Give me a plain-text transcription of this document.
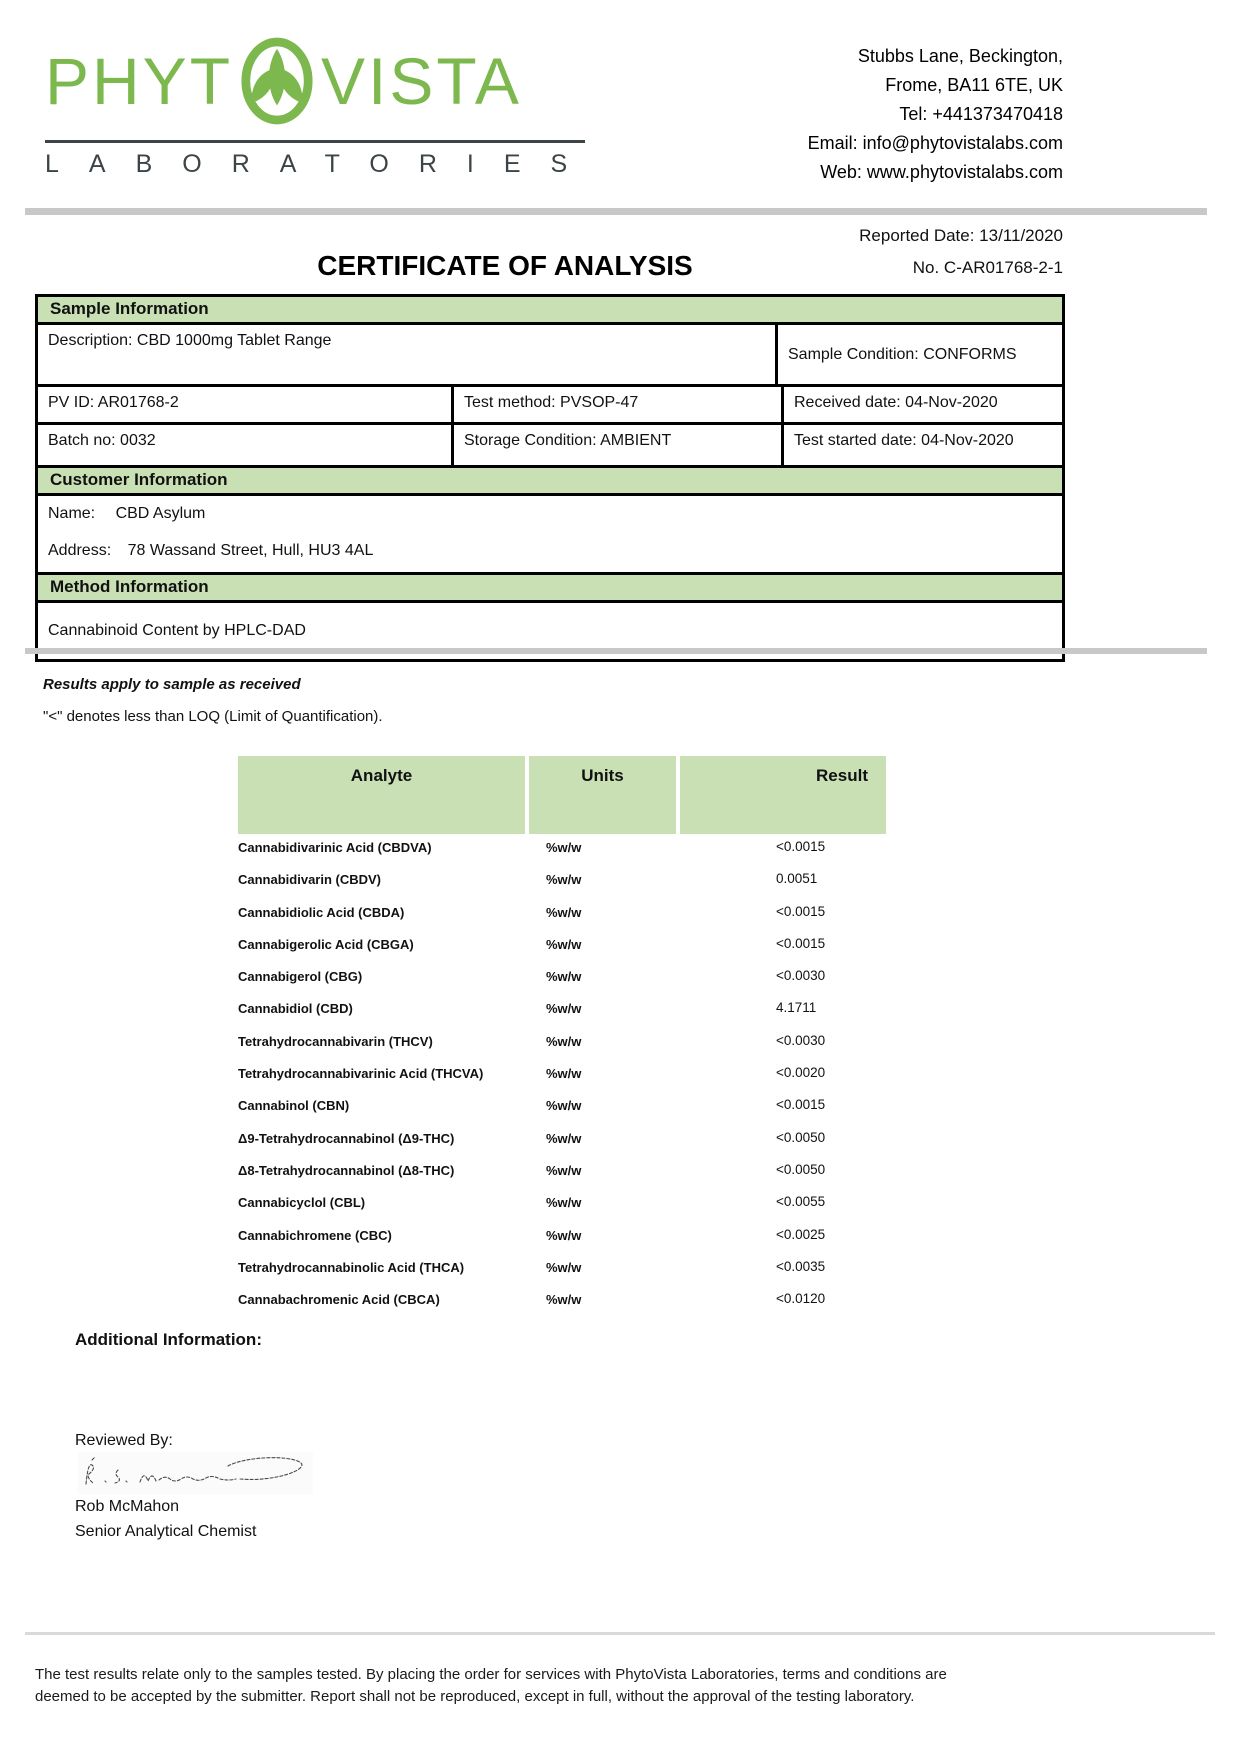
PHYT VISTA
LABORATORIES
Stubbs Lane, Beckington,
Frome, BA11 6TE, UK
Tel: +441373470418
Email: info@phytovistalabs.com
Web: www.phytovistalabs.com
Reported Date: 13/11/2020
CERTIFICATE OF ANALYSIS	No. C-AR01768-2-1
Sample Information
Description: CBD 1000mg Tablet Range
Sample Condition: CONFORMS
PV ID: AR01768-2	Test method: PVSOP-47	Received date: 04-Nov-2020
Batch no: 0032	Storage Condition: AMBIENT	Test started date: 04-Nov-2020
Customer Information
Name: CBD Asylum
Address: 78 Wassand Street, Hull, HU3 4AL
Method Information
Cannabinoid Content by HPLC-DAD
Results apply to sample as received
"<" denotes less than LOQ (Limit of Quantification).
Analyte	Units	Result
Cannabidivarinic Acid (CBDVA)	%w/w	<0.0015
Cannabidivarin (CBDV)	%w/w	0.0051
Cannabidiolic Acid (CBDA)	%w/w	<0.0015
Cannabigerolic Acid (CBGA)	%w/w	<0.0015
Cannabigerol (CBG)	%w/w	<0.0030
Cannabidiol (CBD)	%w/w	4.1711
Tetrahydrocannabivarin (THCV)	%w/w	<0.0030
Tetrahydrocannabivarinic Acid (THCVA)	%w/w	<0.0020
Cannabinol (CBN)	%w/w	<0.0015
Δ9-Tetrahydrocannabinol (Δ9-THC)	%w/w	<0.0050
Δ8-Tetrahydrocannabinol (Δ8-THC)	%w/w	<0.0050
Cannabicyclol (CBL)	%w/w	<0.0055
Cannabichromene (CBC)	%w/w	<0.0025
Tetrahydrocannabinolic Acid (THCA)	%w/w	<0.0035
Cannabachromenic Acid (CBCA)	%w/w	<0.0120
Additional Information:
Reviewed By:
Rob McMahon
Senior Analytical Chemist
The test results relate only to the samples tested. By placing the order for services with PhytoVista Laboratories, terms and conditions are
deemed to be accepted by the submitter. Report shall not be reproduced, except in full, without the approval of the testing laboratory.
